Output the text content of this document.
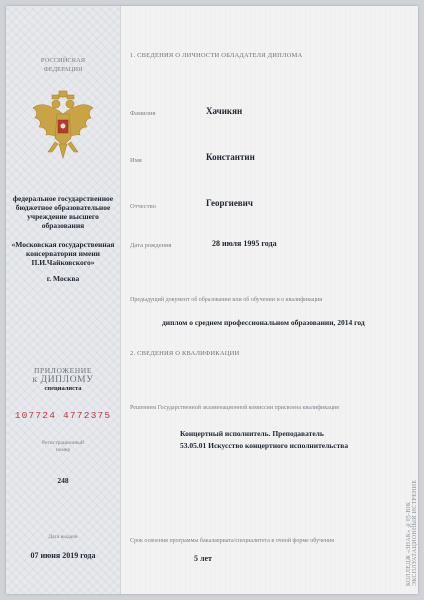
РОССИЙСКАЯ
ФЕДЕРАЦИЯ
федеральное государственное бюджетное образовательное учреждение высшего образования
«Московская государственная консерватория имени П.И.Чайковского»
г. Москва
ПРИЛОЖЕНИЕ
к ДИПЛОМУ
специалиста
107724 4772375
Регистрационный номер
248
Дата выдачи
07 июня 2019 года
1. СВЕДЕНИЯ О ЛИЧНОСТИ ОБЛАДАТЕЛЯ ДИПЛОМА
Фамилия	Хачикян
Имя	Константин
Отчество	Георгиевич
Дата рождения	28 июля 1995 года
Предыдущий документ об образовании или об обучении и о квалификации
диплом о среднем профессиональном образовании, 2014 год
2. СВЕДЕНИЯ О КВАЛИФИКАЦИИ
Решением Государственной экзаменационной комиссии присвоена квалификация
Концертный исполнитель. Преподаватель
53.05.01 Искусство концертного исполнительства
Срок освоения программы бакалавриата/специалитета в очной форме обучения
5 лет	КОЛЛЕДЖ «ЗНАК» №05-ЮК ЭКСПЛУАТАЦИОННЫЙ ИСТРЕНИЕ
